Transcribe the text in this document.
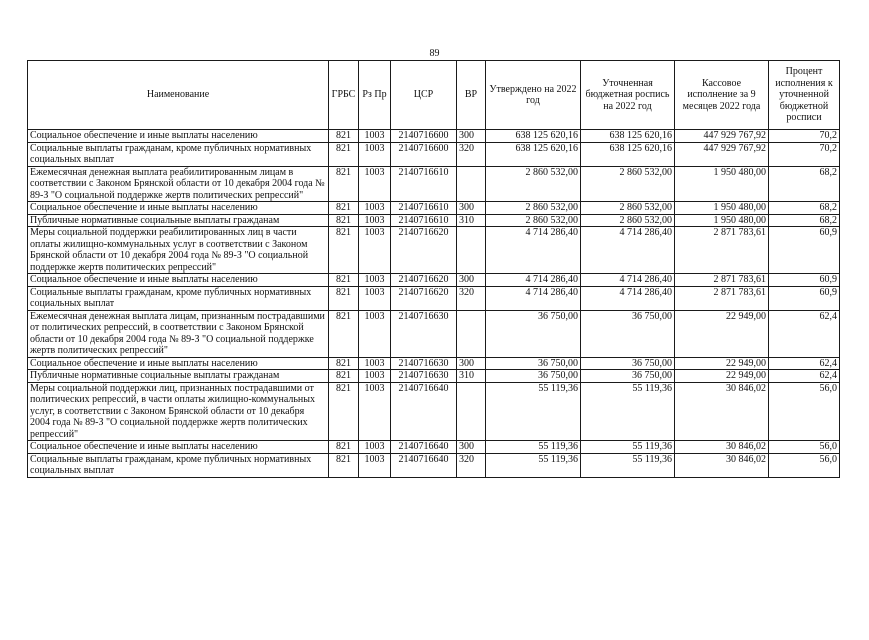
89
Наименование	ГРБС	Рз Пр	ЦСР	ВР	Утверждено на 2022 год	Уточненная бюджетная роспись на 2022 год	Кассовое исполнение за 9 месяцев 2022 года	Процент исполнения к уточненной бюджетной росписи
Социальное обеспечение и иные выплаты населению	821	1003	2140716600	300	638 125 620,16	638 125 620,16	447 929 767,92	70,2
Социальные выплаты гражданам, кроме публичных нормативных социальных выплат	821	1003	2140716600	320	638 125 620,16	638 125 620,16	447 929 767,92	70,2
Ежемесячная денежная выплата реабилитированным лицам в соответствии с Законом Брянской области от 10 декабря 2004 года № 89-З "О социальной поддержке жертв политических репрессий"	821	1003	2140716610		2 860 532,00	2 860 532,00	1 950 480,00	68,2
Социальное обеспечение и иные выплаты населению	821	1003	2140716610	300	2 860 532,00	2 860 532,00	1 950 480,00	68,2
Публичные нормативные социальные выплаты гражданам	821	1003	2140716610	310	2 860 532,00	2 860 532,00	1 950 480,00	68,2
Меры социальной поддержки реабилитированных лиц в части оплаты жилищно-коммунальных услуг в соответствии с Законом Брянской области от 10 декабря 2004 года № 89-З "О социальной поддержке жертв политических репрессий"	821	1003	2140716620		4 714 286,40	4 714 286,40	2 871 783,61	60,9
Социальное обеспечение и иные выплаты населению	821	1003	2140716620	300	4 714 286,40	4 714 286,40	2 871 783,61	60,9
Социальные выплаты гражданам, кроме публичных нормативных социальных выплат	821	1003	2140716620	320	4 714 286,40	4 714 286,40	2 871 783,61	60,9
Ежемесячная денежная выплата лицам, признанным пострадавшими от политических репрессий, в соответствии с Законом Брянской области от 10 декабря 2004 года № 89-З "О социальной поддержке жертв политических репрессий"	821	1003	2140716630		36 750,00	36 750,00	22 949,00	62,4
Социальное обеспечение и иные выплаты населению	821	1003	2140716630	300	36 750,00	36 750,00	22 949,00	62,4
Публичные нормативные социальные выплаты гражданам	821	1003	2140716630	310	36 750,00	36 750,00	22 949,00	62,4
Меры социальной поддержки лиц, признанных пострадавшими от политических репрессий, в части оплаты жилищно-коммунальных услуг, в соответствии с Законом Брянской области от 10 декабря 2004 года № 89-З "О социальной поддержке жертв политических репрессий"	821	1003	2140716640		55 119,36	55 119,36	30 846,02	56,0
Социальное обеспечение и иные выплаты населению	821	1003	2140716640	300	55 119,36	55 119,36	30 846,02	56,0
Социальные выплаты гражданам, кроме публичных нормативных социальных выплат	821	1003	2140716640	320	55 119,36	55 119,36	30 846,02	56,0
